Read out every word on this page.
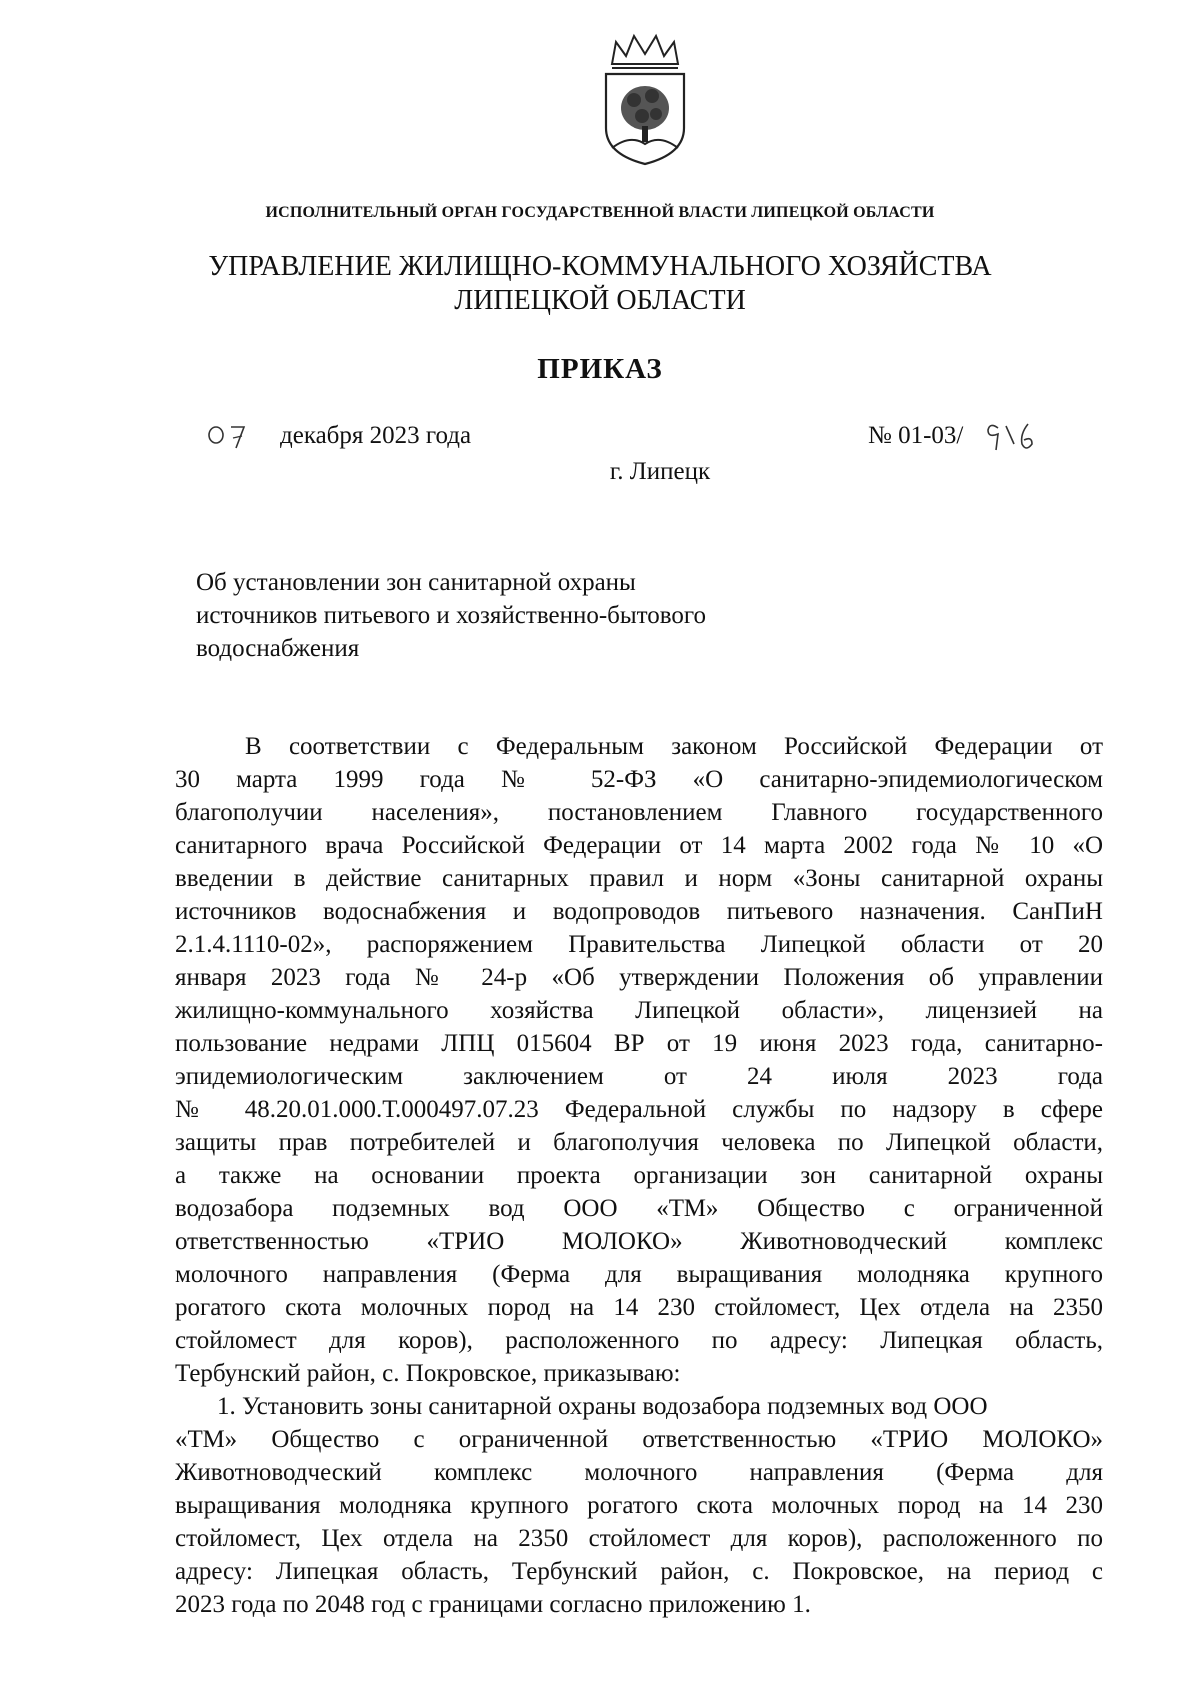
ИСПОЛНИТЕЛЬНЫЙ ОРГАН ГОСУДАРСТВЕННОЙ ВЛАСТИ ЛИПЕЦКОЙ ОБЛАСТИ
УПРАВЛЕНИЕ ЖИЛИЩНО-КОММУНАЛЬНОГО ХОЗЯЙСТВА
ЛИПЕЦКОЙ ОБЛАСТИ
ПРИКАЗ
декабря 2023 года	№ 01-03/
г. Липецк
Об установлении зон санитарной охраны
источников питьевого и хозяйственно-бытового
водоснабжения
В соответствии с Федеральным законом Российской Федерации от
30 марта 1999 года № 52-ФЗ «О санитарно-эпидемиологическом
благополучии населения», постановлением Главного государственного
санитарного врача Российской Федерации от 14 марта 2002 года № 10 «О
введении в действие санитарных правил и норм «Зоны санитарной охраны
источников водоснабжения и водопроводов питьевого назначения. СанПиН
2.1.4.1110-02», распоряжением Правительства Липецкой области от 20
января 2023 года № 24-р «Об утверждении Положения об управлении
жилищно-коммунального хозяйства Липецкой области», лицензией на
пользование недрами ЛПЦ 015604 ВР от 19 июня 2023 года, санитарно-
эпидемиологическим заключением от 24 июля 2023 года
№ 48.20.01.000.Т.000497.07.23 Федеральной службы по надзору в сфере
защиты прав потребителей и благополучия человека по Липецкой области,
а также на основании проекта организации зон санитарной охраны
водозабора подземных вод ООО «ТМ» Общество с ограниченной
ответственностью «ТРИО МОЛОКО» Животноводческий комплекс
молочного направления (Ферма для выращивания молодняка крупного
рогатого скота молочных пород на 14 230 стойломест, Цех отдела на 2350
стойломест для коров), расположенного по адресу: Липецкая область,
Тербунский район, с. Покровское, приказываю:
1. Установить зоны санитарной охраны водозабора подземных вод ООО
«ТМ» Общество с ограниченной ответственностью «ТРИО МОЛОКО»
Животноводческий комплекс молочного направления (Ферма для
выращивания молодняка крупного рогатого скота молочных пород на 14 230
стойломест, Цех отдела на 2350 стойломест для коров), расположенного по
адресу: Липецкая область, Тербунский район, с. Покровское, на период с
2023 года по 2048 год с границами согласно приложению 1.
